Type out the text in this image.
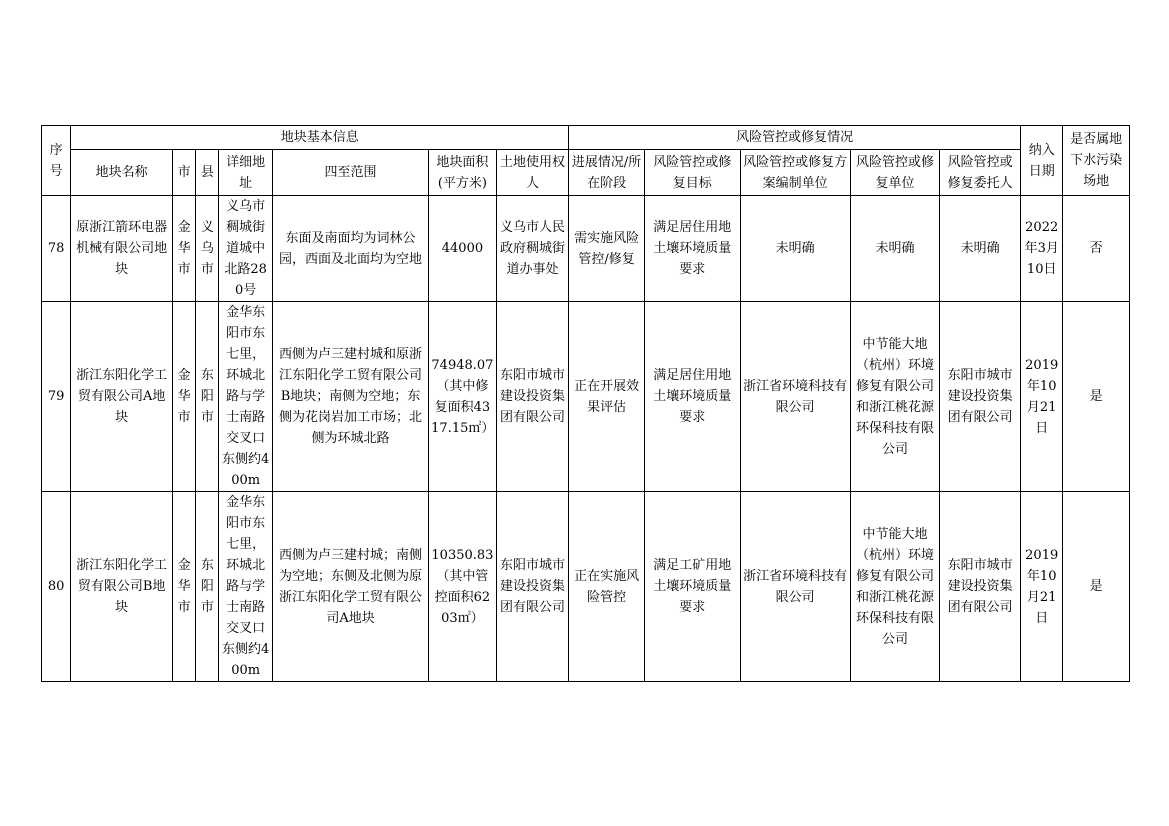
序号	地块基本信息							风险管控或修复情况					纳入日期	是否属地下水污染场地
	地块名称	市	县	详细地址	四至范围	地块面积(平方米)	土地使用权人	进展情况/所在阶段	风险管控或修复目标	风险管控或修复方案编制单位	风险管控或修复单位	风险管控或修复委托人		
78	原浙江箭环电器机械有限公司地块	金华市	义乌市	义乌市稠城街道城中北路280号	东面及南面均为词林公园，西面及北面均为空地	44000	义乌市人民政府稠城街道办事处	需实施风险管控/修复	满足居住用地土壤环境质量要求	未明确	未明确	未明确	2022年3月10日	否
79	浙江东阳化学工贸有限公司A地块	金华市	东阳市	金华东阳市东七里，环城北路与学士南路交叉口东侧约400m	西侧为卢三建村城和原浙江东阳化学工贸有限公司B地块；南侧为空地；东侧为花岗岩加工市场；北侧为环城北路	74948.07（其中修复面积4317.15㎡）	东阳市城市建设投资集团有限公司	正在开展效果评估	满足居住用地土壤环境质量要求	浙江省环境科技有限公司	中节能大地（杭州）环境修复有限公司和浙江桃花源环保科技有限公司	东阳市城市建设投资集团有限公司	2019年10月21日	是
80	浙江东阳化学工贸有限公司B地块	金华市	东阳市	金华东阳市东七里，环城北路与学士南路交叉口东侧约400m	西侧为卢三建村城；南侧为空地；东侧及北侧为原浙江东阳化学工贸有限公司A地块	10350.83（其中管控面积6203㎡）	东阳市城市建设投资集团有限公司	正在实施风险管控	满足工矿用地土壤环境质量要求	浙江省环境科技有限公司	中节能大地（杭州）环境修复有限公司和浙江桃花源环保科技有限公司	东阳市城市建设投资集团有限公司	2019年10月21日	是
